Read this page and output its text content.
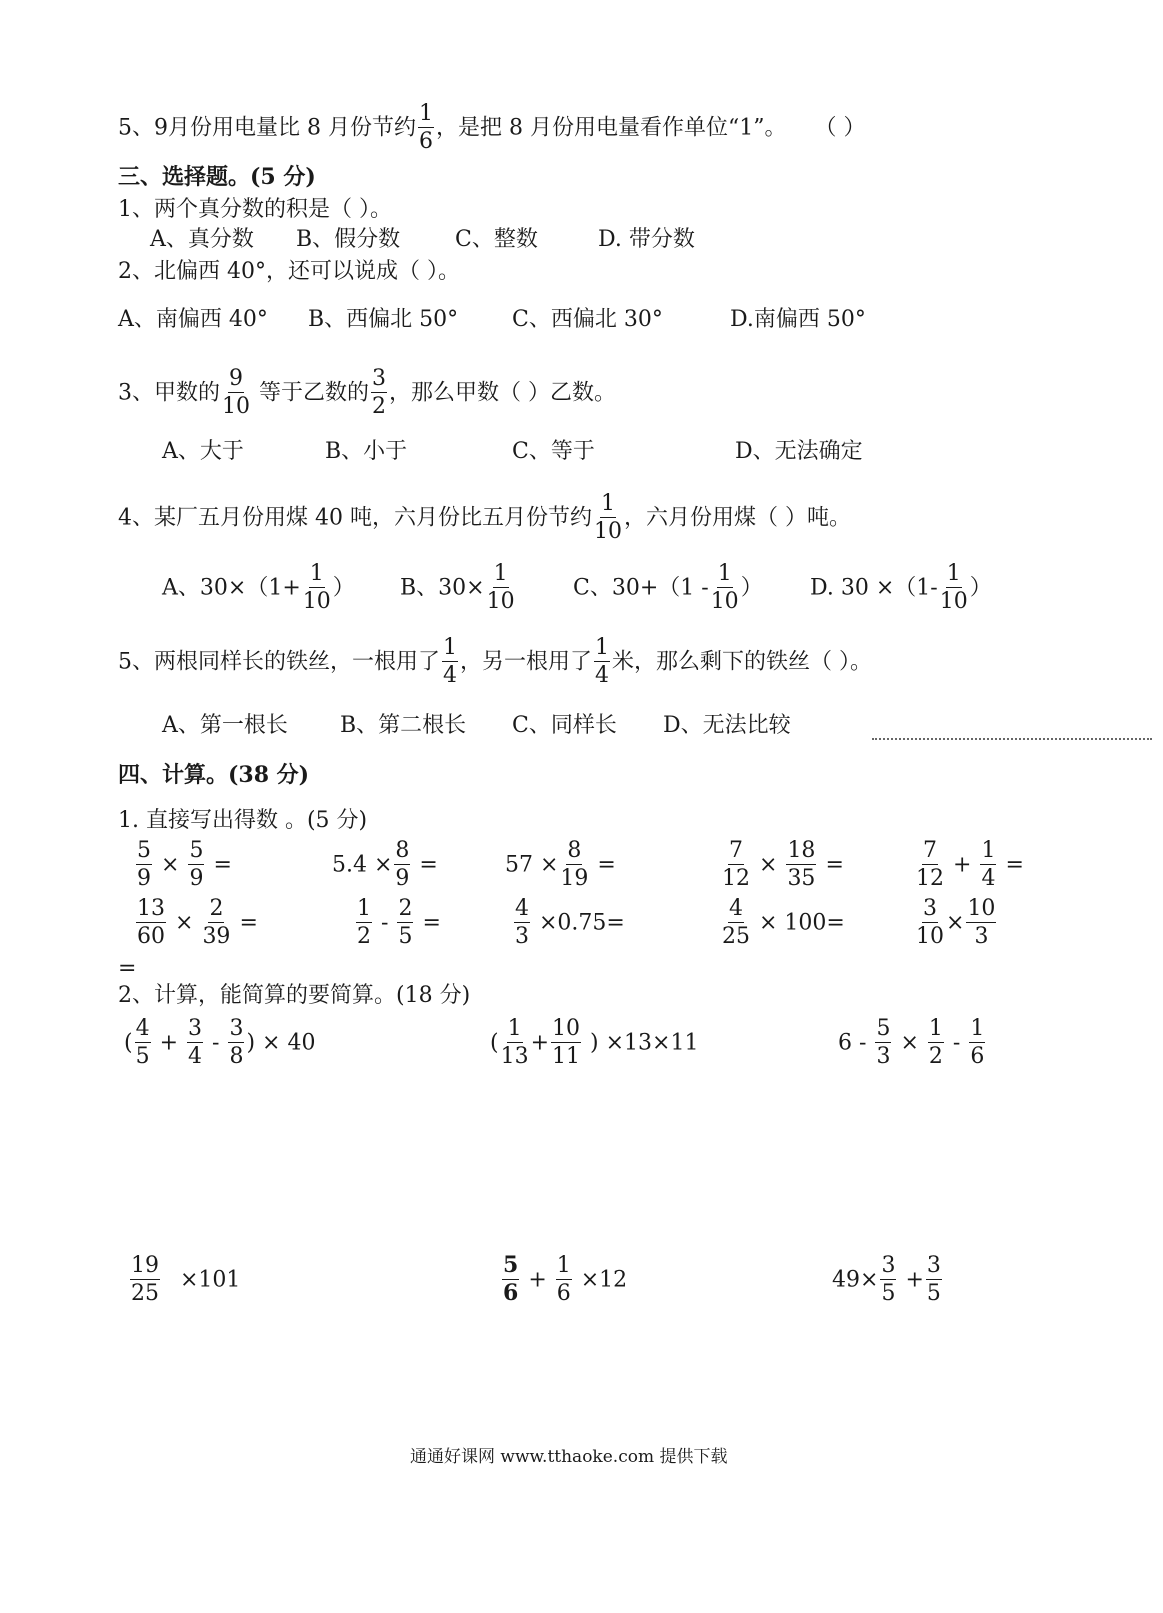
5、9月份用电量比 8 月份节约 $\frac{1}{6}$ ，是把 8 月份用电量看作单位“1”。 （ ）
三、选择题。(5 分)
1、两个真分数的积是（ ）。
A、真分数 B、假分数 C、整数	D. 带分数
2、北偏西 40°，还可以说成（ ）。
A、南偏西 40° B、西偏北 50° C、西偏北 30°	D.南偏西 50°
3、甲数的 $\frac{9}{10}$ 等于乙数的 $\frac{3}{2}$ ，那么甲数（ ）乙数。
A、大于	B、小于	C、等于	D、无法确定
4、某厂五月份用煤 40 吨，六月份比五月份节约 $\frac{1}{10}$ ，六月份用煤（ ）吨。
A、$30\times(1+ \frac{1}{10}$ ） B、$30\times \frac{1}{10}$	C、$30+(1 - \frac{1}{10}$ ） D. $30 \times(1- \frac{1}{10}$ ）
5、两根同样长的铁丝，一根用了 $\frac{1}{4}$ ，另一根用了 $\frac{1}{4}$ 米，那么剩下的铁丝（ ）。
A、第一根长 B、第二根长 C、同样长 D、无法比较
四、计算。(38 分)
1. 直接写出得数 。(5 分)
$\frac{5}{9} \times \frac{5}{9}$ =	$5.4 \times \frac{8}{9}$ =	$57 \times \frac{8}{19}$ =	$\frac{7}{12} \times \frac{18}{35}$ =	$\frac{7}{12} + \frac{1}{4}$ =
$\frac{13}{60} \times \frac{2}{39}$ =	$\frac{1}{2} - \frac{2}{5}$ =	$\frac{4}{3} \times 0.75=$	$\frac{4}{25} \times 100=$	$\frac{3}{10} \times \frac{10}{3}$
=
2、计算，能简算的要简算。(18 分)
( $\frac{4}{5} + \frac{3}{4} - \frac{3}{8}$ ) × 40	( $\frac{1}{13} + \frac{10}{11}$ ) ×13×11	$6 - \frac{5}{3} \times \frac{1}{2} - \frac{1}{6}$
$\frac{19}{25} \times 101$	$\frac{5}{6} + \frac{1}{6} \times 12$	$49\times \frac{3}{5} + \frac{3}{5}$
通通好课网 www.tthaoke.com 提供下载
